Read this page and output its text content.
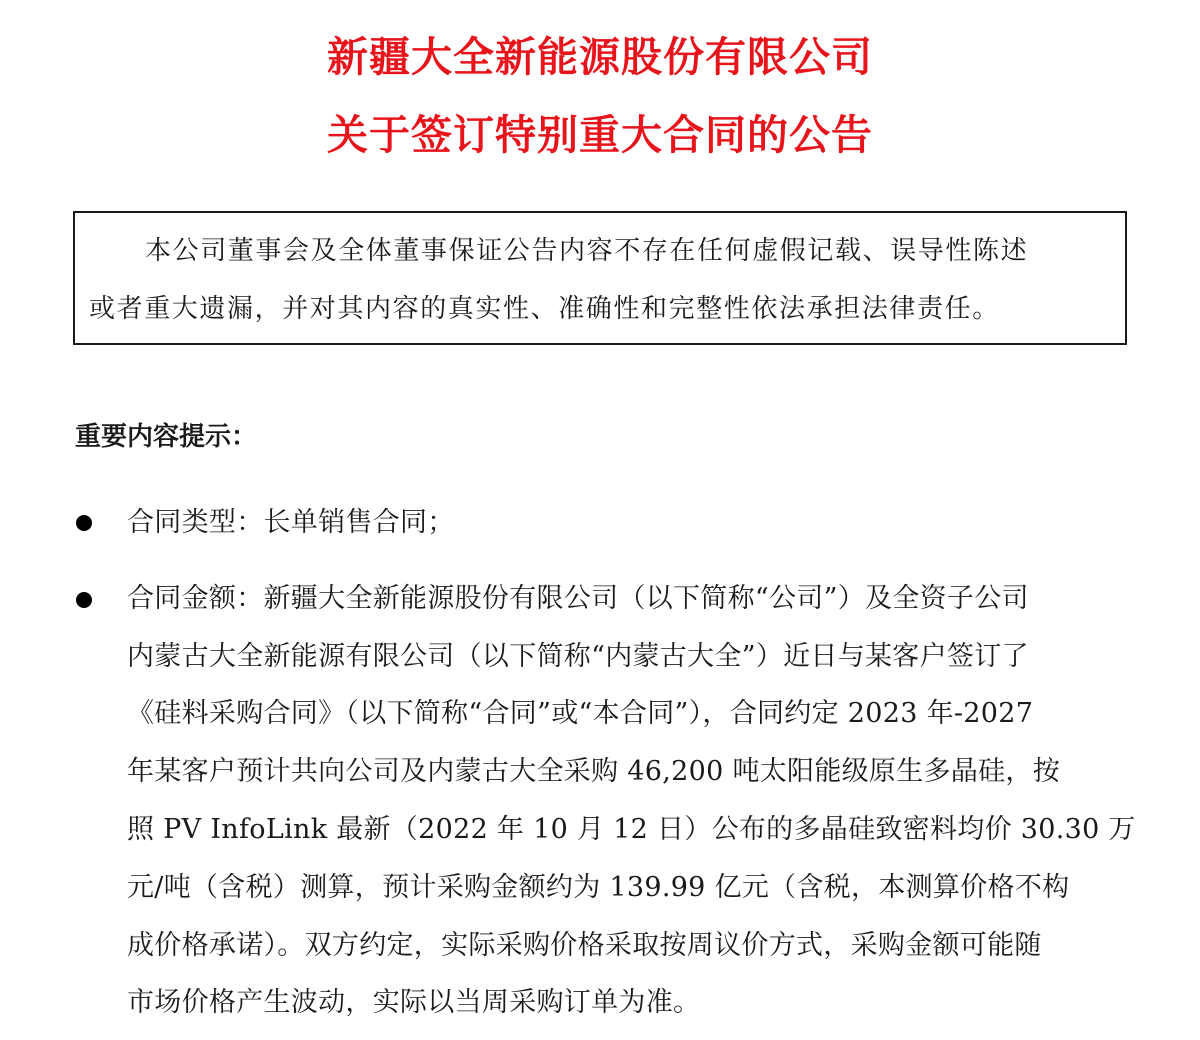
新疆大全新能源股份有限公司
关于签订特别重大合同的公告
本公司董事会及全体董事保证公告内容不存在任何虚假记载、误导性陈述
或者重大遗漏，并对其内容的真实性、准确性和完整性依法承担法律责任。
重要内容提示：
合同类型：长单销售合同；
合同金额：新疆大全新能源股份有限公司（以下简称“公司”）及全资子公司
内蒙古大全新能源有限公司（以下简称“内蒙古大全”）近日与某客户签订了
《硅料采购合同》（以下简称“合同”或“本合同”），合同约定 2023 年-2027
年某客户预计共向公司及内蒙古大全采购 46,200 吨太阳能级原生多晶硅，按
照 PV InfoLink 最新（2022 年 10 月 12 日）公布的多晶硅致密料均价 30.30 万
元/吨（含税）测算，预计采购金额约为 139.99 亿元（含税，本测算价格不构
成价格承诺）。双方约定，实际采购价格采取按周议价方式，采购金额可能随
市场价格产生波动，实际以当周采购订单为准。
